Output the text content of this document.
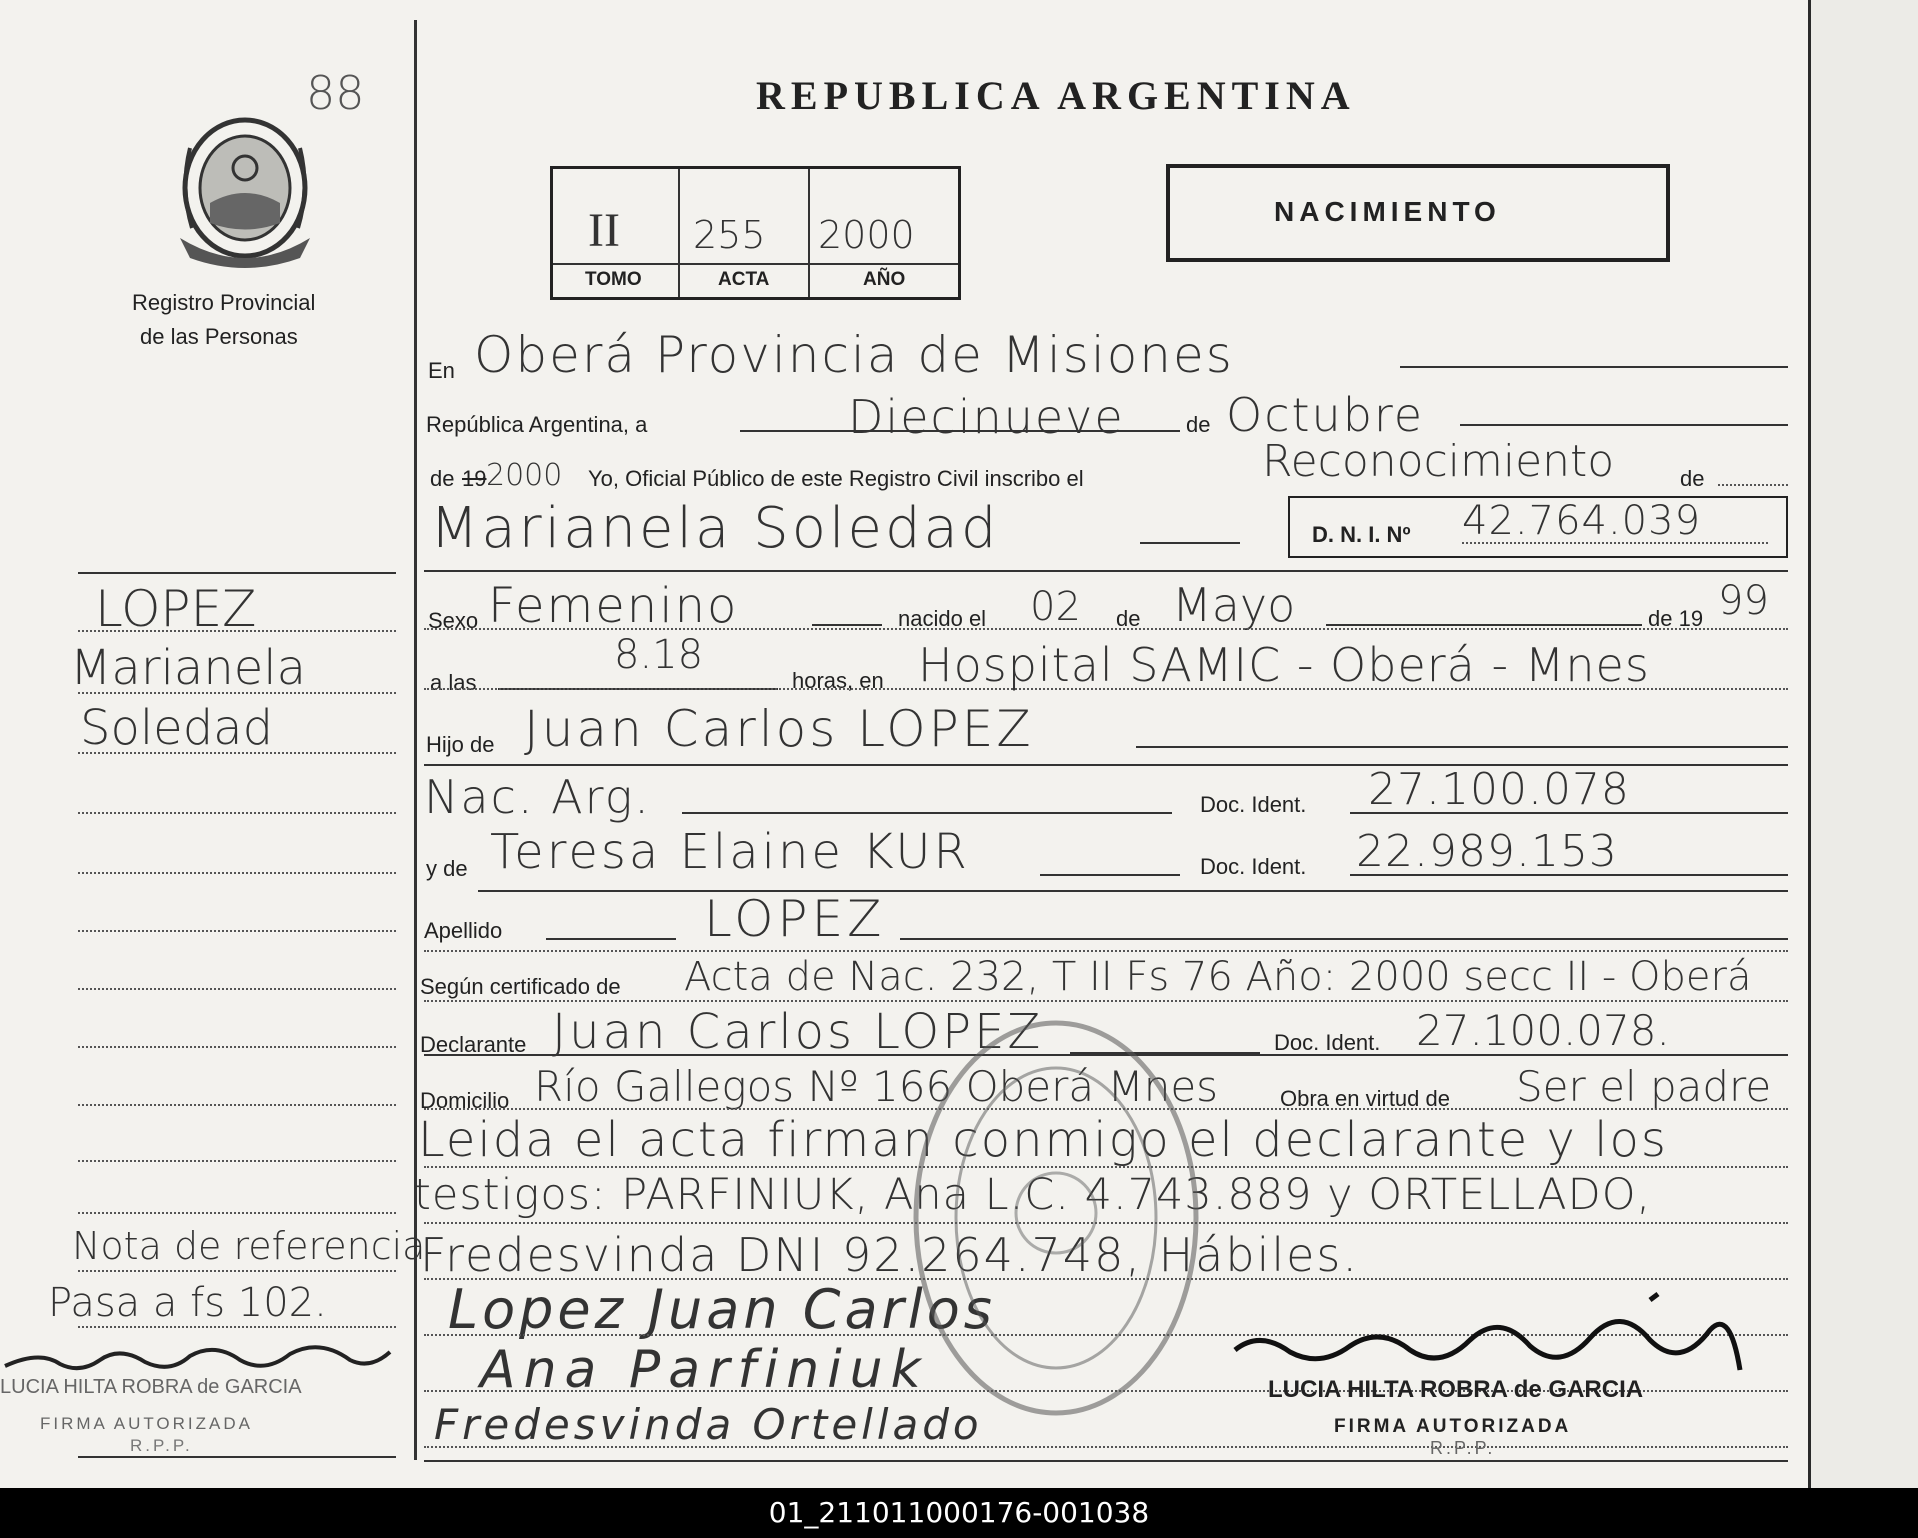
88
Registro Provincial
de las Personas
REPUBLICA ARGENTINA
II 255 2000
TOMO	ACTA	AÑO
NACIMIENTO
LOPEZ
Marianela
Soledad
Nota de referencia
Pasa a fs 102.
LUCIA HILTA ROBRA de GARCIA
FIRMA AUTORIZADA
R.P.P.
En Oberá Provincia de Misiones
República Argentina, a	Diecinueve	de Octubre
de 19 2000 Yo, Oficial Público de este Registro Civil inscribo el	Reconocimiento	de
Marianela Soledad	D. N. I. Nº 42.764.039
Sexo Femenino	nacido el 02 de Mayo	de 19 99
a las
8.18
horas, en Hospital SAMIC - Oberá - Mnes
Hijo de Juan Carlos LOPEZ
Nac. Arg.	Doc. Ident. 27.100.078
y de Teresa Elaine KUR	Doc. Ident. 22.989.153
Apellido	LOPEZ
Según certificado de Acta de Nac. 232, T II Fs 76 Año: 2000 secc II - Oberá
Declarante Juan Carlos LOPEZ	Doc. Ident. 27.100.078.
Domicilio Río Gallegos Nº 166 Oberá Mnes	Obra en virtud de Ser el padre
Leida el acta firman conmigo el declarante y los
testigos: PARFINIUK, Ana L.C. 4.743.889 y ORTELLADO,
Fredesvinda DNI 92.264.748, Hábiles.
Lopez Juan Carlos
Ana Parfiniuk
Fredesvinda Ortellado
LUCIA HILTA ROBRA de GARCIA
FIRMA AUTORIZADA
R.P.P.
01_211011000176-001038
